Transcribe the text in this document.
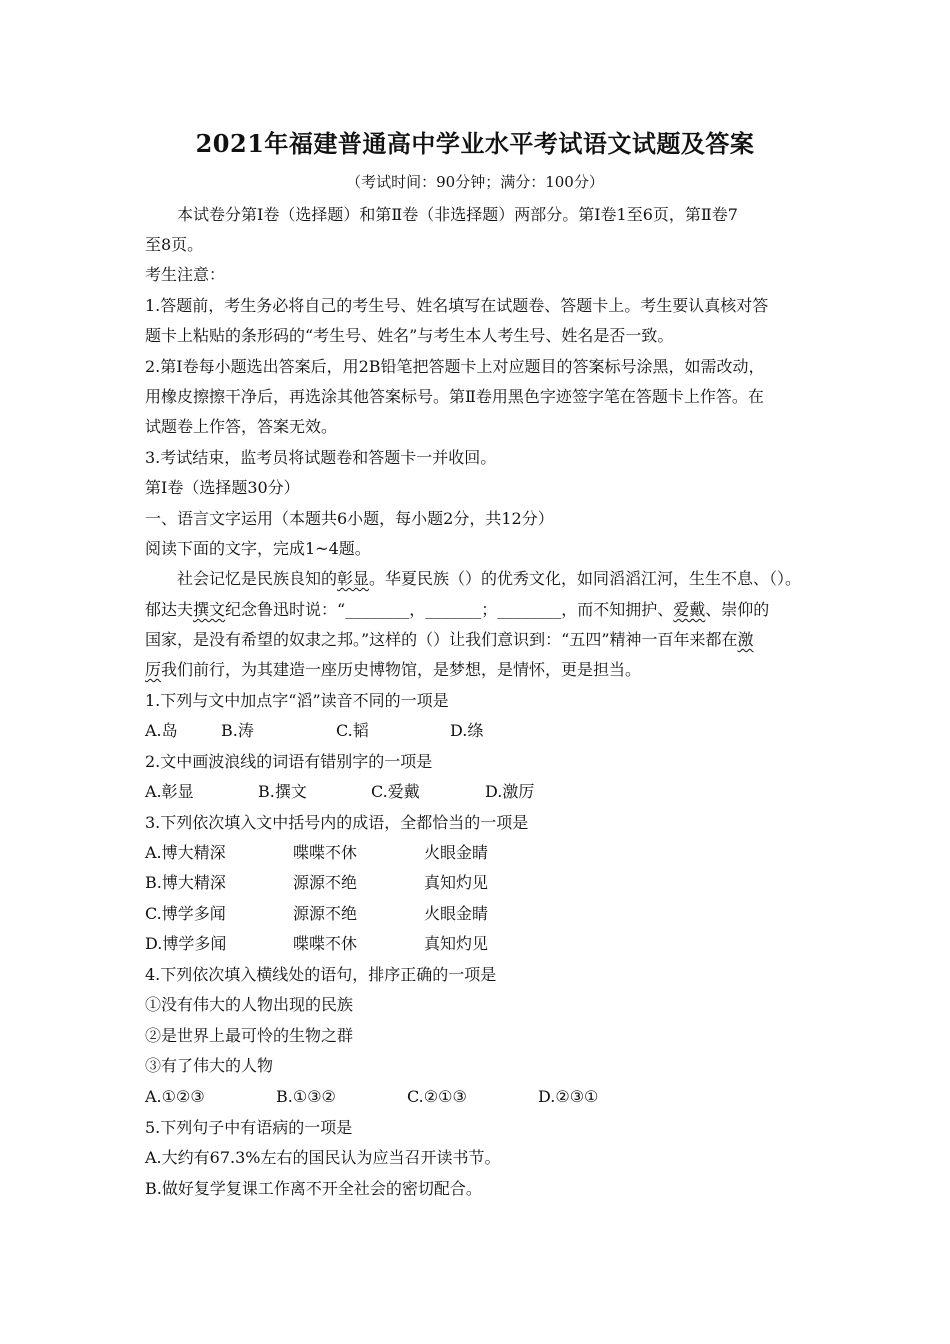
2021年福建普通高中学业水平考试语文试题及答案
（考试时间：90分钟；满分：100分）
本试卷分第Ⅰ卷（选择题）和第Ⅱ卷（非选择题）两部分。第Ⅰ卷1至6页，第Ⅱ卷7
至8页。
考生注意：
1.答题前，考生务必将自己的考生号、姓名填写在试题卷、答题卡上。考生要认真核对答
题卡上粘贴的条形码的“考生号、姓名”与考生本人考生号、姓名是否一致。
2.第Ⅰ卷每小题选出答案后，用2B铅笔把答题卡上对应题目的答案标号涂黑，如需改动，
用橡皮擦擦干净后，再选涂其他答案标号。第Ⅱ卷用黑色字迹签字笔在答题卡上作答。在
试题卷上作答，答案无效。
3.考试结束，监考员将试题卷和答题卡一并收回。
第Ⅰ卷（选择题30分）
一、语言文字运用（本题共6小题，每小题2分，共12分）
阅读下面的文字，完成1~4题。
社会记忆是民族良知的彰显。华夏民族（）的优秀文化，如同滔滔江河，生生不息、（）。
郁达夫撰文纪念鲁迅时说：“________，_______；________，而不知拥护、爱戴、崇仰的
国家，是没有希望的奴隶之邦。”这样的（）让我们意识到：“五四”精神一百年来都在激
厉我们前行，为其建造一座历史博物馆，是梦想，是情怀，更是担当。
1.下列与文中加点字“滔”读音不同的一项是
A.岛	B.涛	C.韬	D.绦
2.文中画波浪线的词语有错别字的一项是
A.彰显	B.撰文	C.爱戴	D.激厉
3.下列依次填入文中括号内的成语，全都恰当的一项是
A.博大精深	喋喋不休	火眼金睛
B.博大精深	源源不绝	真知灼见
C.博学多闻	源源不绝	火眼金睛
D.博学多闻	喋喋不休	真知灼见
4.下列依次填入横线处的语句，排序正确的一项是
①没有伟大的人物出现的民族
②是世界上最可怜的生物之群
③有了伟大的人物
A.①②③	B.①③②	C.②①③	D.②③①
5.下列句子中有语病的一项是
A.大约有67.3%左右的国民认为应当召开读书节。
B.做好复学复课工作离不开全社会的密切配合。
